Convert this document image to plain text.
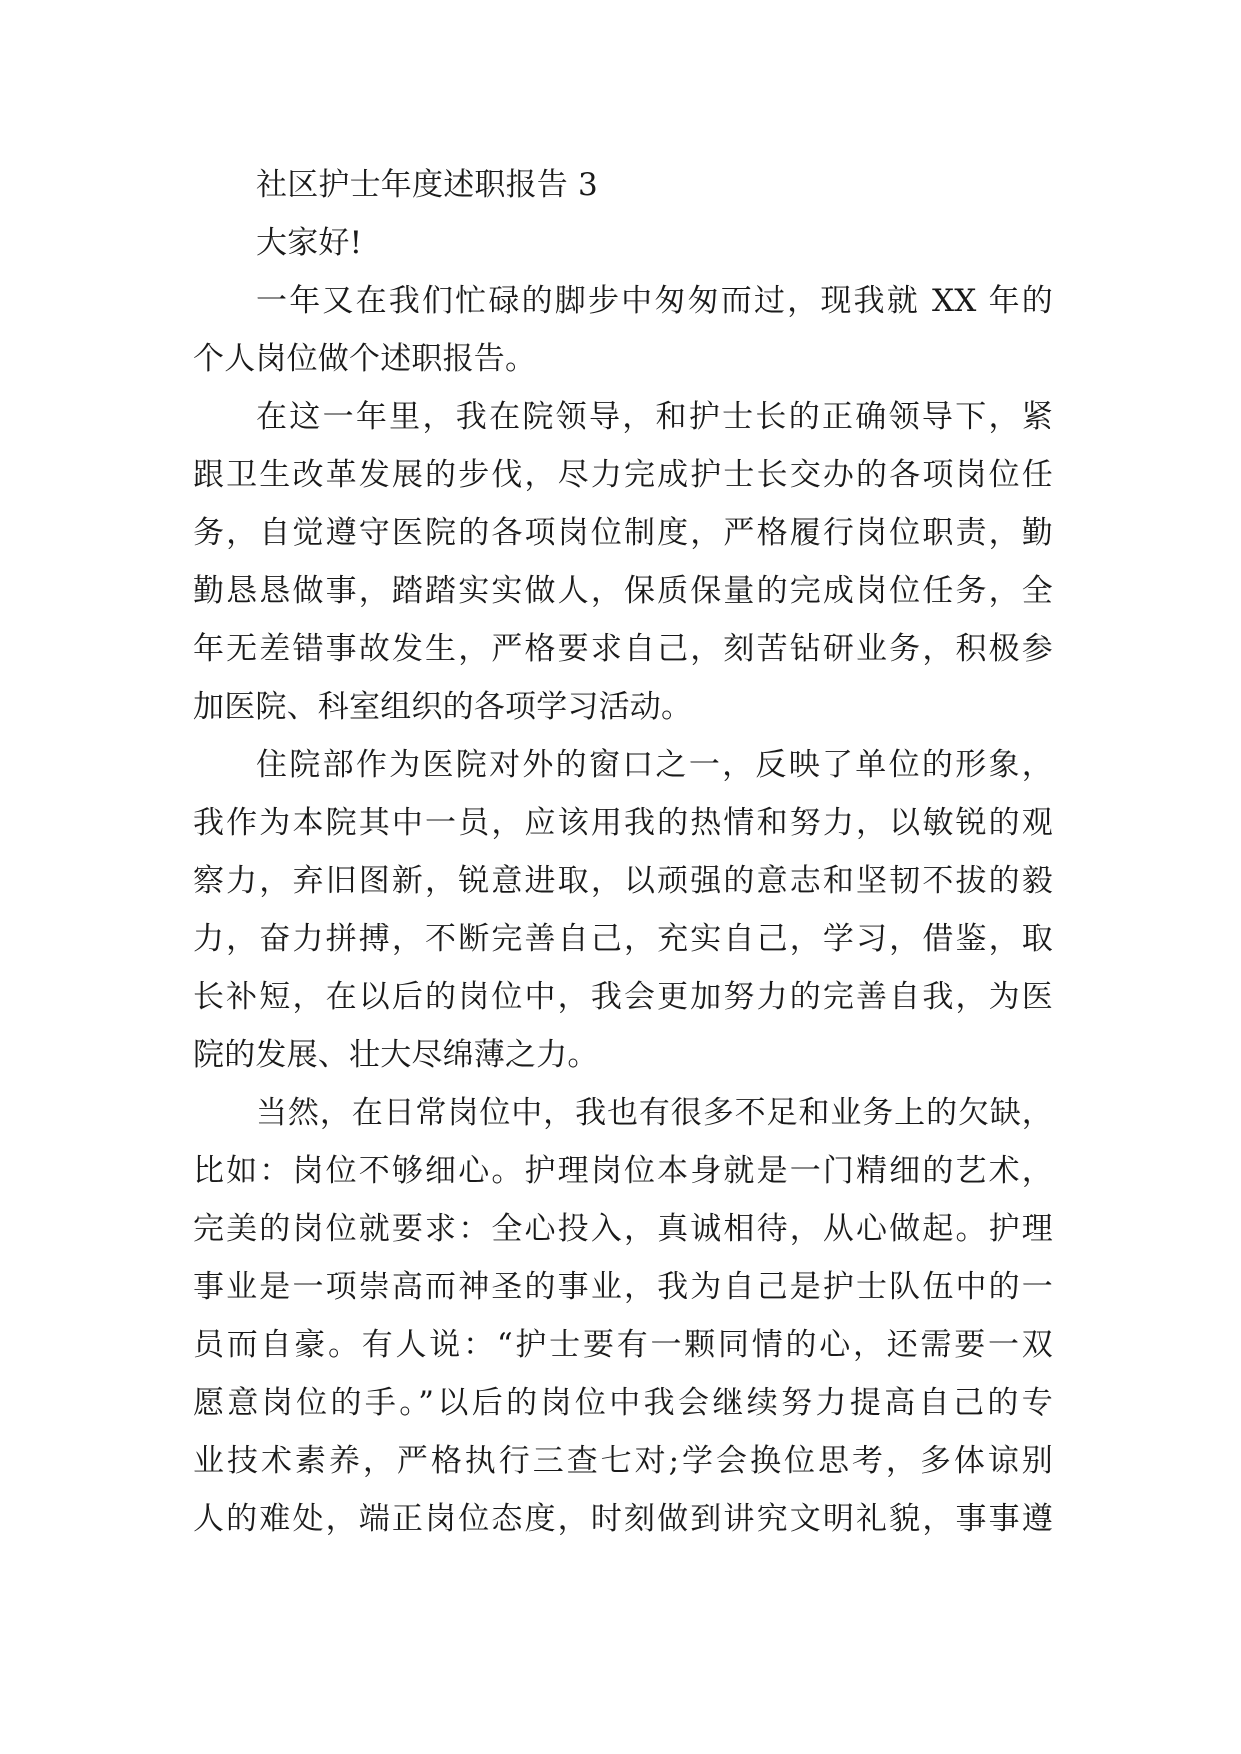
社区护士年度述职报告 3
大家好!
一年又在我们忙碌的脚步中匆匆而过，现我就 XX 年的
个人岗位做个述职报告。
在这一年里，我在院领导，和护士长的正确领导下，紧
跟卫生改革发展的步伐，尽力完成护士长交办的各项岗位任
务，自觉遵守医院的各项岗位制度，严格履行岗位职责，勤
勤恳恳做事，踏踏实实做人，保质保量的完成岗位任务，全
年无差错事故发生，严格要求自己，刻苦钻研业务，积极参
加医院、科室组织的各项学习活动。
住院部作为医院对外的窗口之一，反映了单位的形象，
我作为本院其中一员，应该用我的热情和努力，以敏锐的观
察力，弃旧图新，锐意进取，以顽强的意志和坚韧不拔的毅
力，奋力拼搏，不断完善自己，充实自己，学习，借鉴，取
长补短，在以后的岗位中，我会更加努力的完善自我，为医
院的发展、壮大尽绵薄之力。
当然，在日常岗位中，我也有很多不足和业务上的欠缺，
比如：岗位不够细心。护理岗位本身就是一门精细的艺术，
完美的岗位就要求：全心投入，真诚相待，从心做起。护理
事业是一项崇高而神圣的事业，我为自己是护士队伍中的一
员而自豪。有人说：“护士要有一颗同情的心，还需要一双
愿意岗位的手。”以后的岗位中我会继续努力提高自己的专
业技术素养，严格执行三查七对;学会换位思考，多体谅别
人的难处，端正岗位态度，时刻做到讲究文明礼貌，事事遵
